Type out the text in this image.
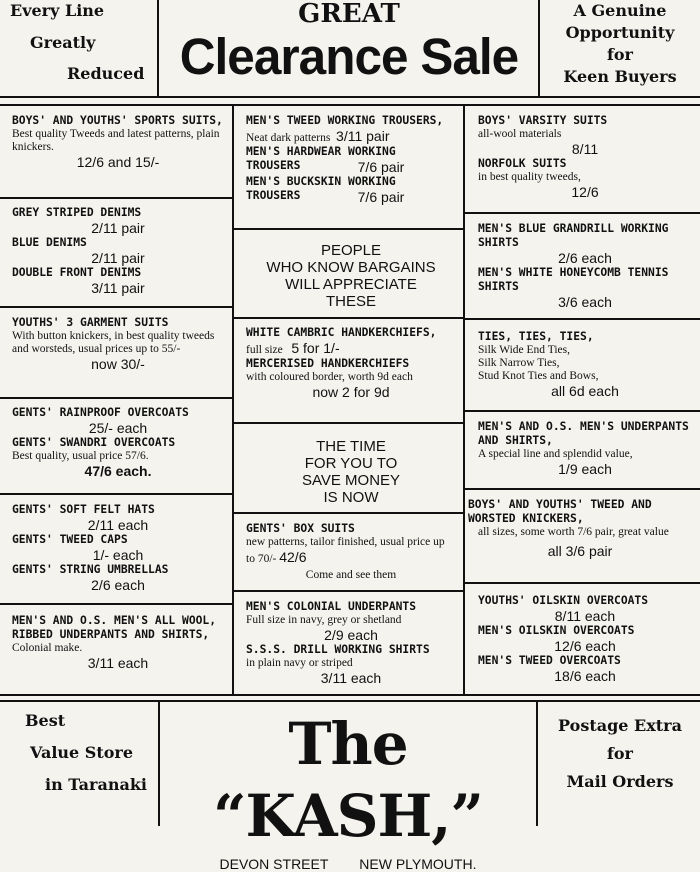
Every Line
Greatly
Reduced
GREAT
Clearance Sale
A Genuine
Opportunity
for
Keen Buyers
BOYS' AND YOUTHS' SPORTS SUITS,
Best quality Tweeds and latest patterns, plain knickers.
12/6 and 15/-
GREY STRIPED DENIMS
2/11 pair
BLUE DENIMS
2/11 pair
DOUBLE FRONT DENIMS
3/11 pair
YOUTHS' 3 GARMENT SUITS
With button knickers, in best quality tweeds and worsteds, usual prices up to 55/-
now 30/-
GENTS' RAINPROOF OVERCOATS
25/- each
GENTS' SWANDRI OVERCOATS
Best quality, usual price 57/6.
47/6 each.
GENTS' SOFT FELT HATS
2/11 each
GENTS' TWEED CAPS
1/- each
GENTS' STRING UMBRELLAS
2/6 each
MEN'S AND O.S. MEN'S ALL WOOL, RIBBED UNDERPANTS AND SHIRTS,
Colonial make.
3/11 each
MEN'S TWEED WORKING TROUSERS,
Neat dark patterns 3/11 pair
MEN'S HARDWEAR WORKING TROUSERS	7/6 pair
MEN'S BUCKSKIN WORKING TROUSERS	7/6 pair
PEOPLE
WHO KNOW BARGAINS
WILL APPRECIATE
THESE
WHITE CAMBRIC HANDKERCHIEFS,
full size 5 for 1/-
MERCERISED HANDKERCHIEFS
with coloured border, worth 9d each
now 2 for 9d
THE TIME
FOR YOU TO
SAVE MONEY
IS NOW
GENTS' BOX SUITS
new patterns, tailor finished, usual price up to 70/- 42/6
Come and see them
MEN'S COLONIAL UNDERPANTS
Full size in navy, grey or shetland
2/9 each
S.S.S. DRILL WORKING SHIRTS
in plain navy or striped
3/11 each
BOYS' VARSITY SUITS
all-wool materials
8/11
NORFOLK SUITS
in best quality tweeds,
12/6
MEN'S BLUE GRANDRILL WORKING SHIRTS
2/6 each
MEN'S WHITE HONEYCOMB TENNIS SHIRTS
3/6 each
TIES, TIES, TIES,
Silk Wide End Ties,
Silk Narrow Ties,
Stud Knot Ties and Bows,
all 6d each
MEN'S AND O.S. MEN'S UNDERPANTS AND SHIRTS,
A special line and splendid value,
1/9 each
BOYS' AND YOUTHS' TWEED AND WORSTED KNICKERS,
all sizes, some worth 7/6 pair, great value
all 3/6 pair
YOUTHS' OILSKIN OVERCOATS
8/11 each
MEN'S OILSKIN OVERCOATS
12/6 each
MEN'S TWEED OVERCOATS
18/6 each
Best
Value Store
in Taranaki
The “KASH,”
DEVON STREET NEW PLYMOUTH.
Postage Extra
for
Mail Orders
